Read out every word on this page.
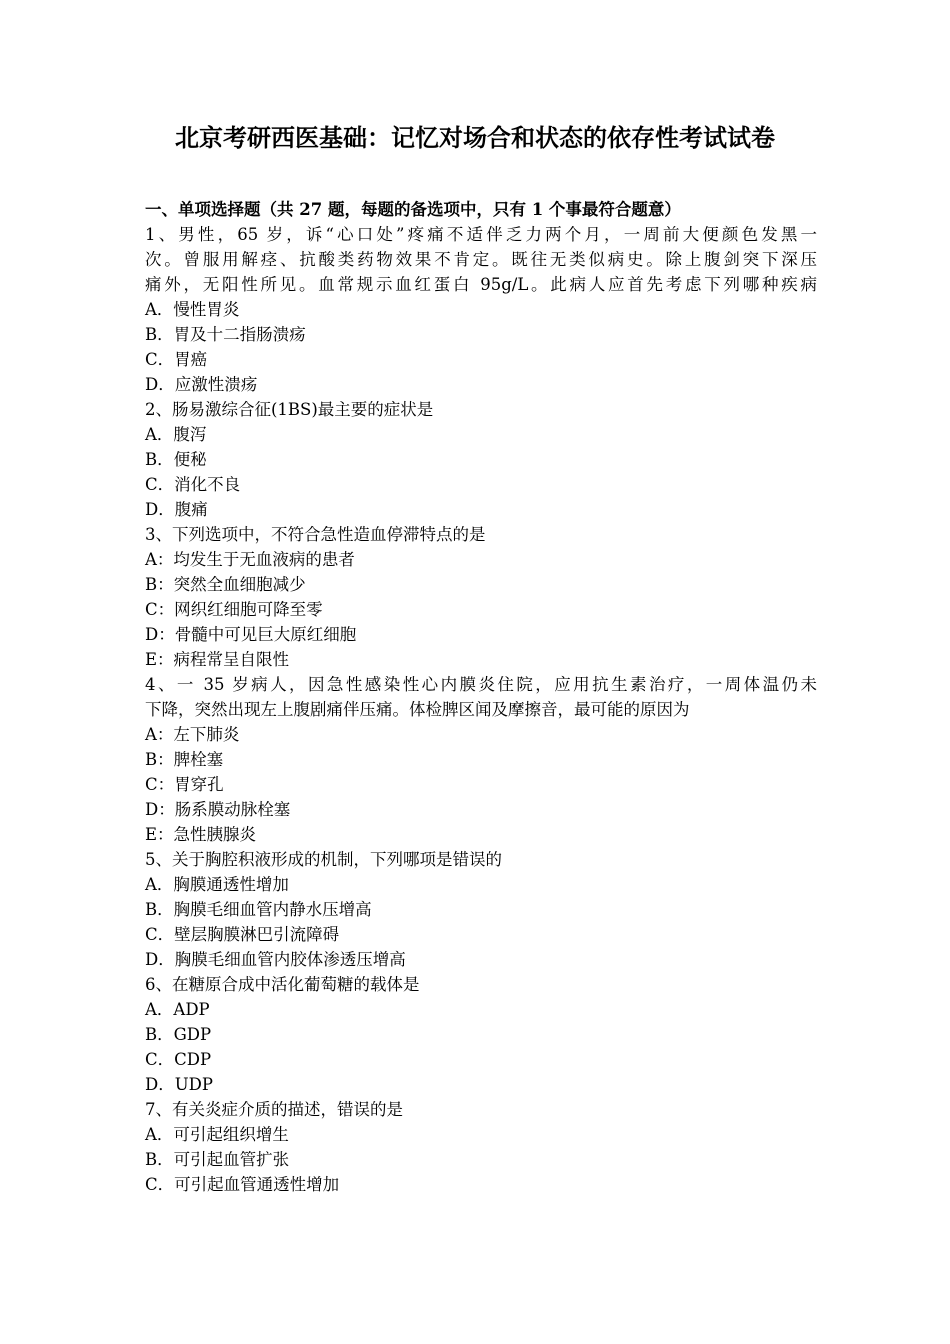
北京考研西医基础：记忆对场合和状态的依存性考试试卷
一、单项选择题（共 27 题，每题的备选项中，只有 1 个事最符合题意）
1、男性，65 岁，诉“心口处”疼痛不适伴乏力两个月，一周前大便颜色发黑一
次。曾服用解痉、抗酸类药物效果不肯定。既往无类似病史。除上腹剑突下深压
痛外，无阳性所见。血常规示血红蛋白 95g/L。此病人应首先考虑下列哪种疾病
A．慢性胃炎
B．胃及十二指肠溃疡
C．胃癌
D．应激性溃疡
2、肠易激综合征(1BS)最主要的症状是
A．腹泻
B．便秘
C．消化不良
D．腹痛
3、下列选项中，不符合急性造血停滞特点的是
A：均发生于无血液病的患者
B：突然全血细胞减少
C：网织红细胞可降至零
D：骨髓中可见巨大原红细胞
E：病程常呈自限性
4、一 35 岁病人，因急性感染性心内膜炎住院，应用抗生素治疗，一周体温仍未
下降，突然出现左上腹剧痛伴压痛。体检脾区闻及摩擦音，最可能的原因为
A：左下肺炎
B：脾栓塞
C：胃穿孔
D：肠系膜动脉栓塞
E：急性胰腺炎
5、关于胸腔积液形成的机制，下列哪项是错误的
A．胸膜通透性增加
B．胸膜毛细血管内静水压增高
C．壁层胸膜淋巴引流障碍
D．胸膜毛细血管内胶体渗透压增高
6、在糖原合成中活化葡萄糖的载体是
A．ADP
B．GDP
C．CDP
D．UDP
7、有关炎症介质的描述，错误的是
A．可引起组织增生
B．可引起血管扩张
C．可引起血管通透性增加
